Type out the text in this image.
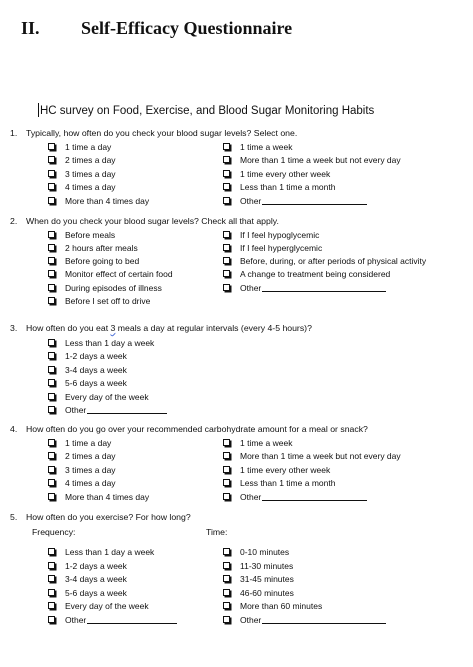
II. Self-Efficacy Questionnaire
HC survey on Food, Exercise, and Blood Sugar Monitoring Habits
1. Typically, how often do you check your blood sugar levels? Select one.
1 time a day
2 times a day
3 times a day
4 times a day
More than 4 times day
1 time a week
More than 1 time a week but not every day
1 time every other week
Less than 1 time a month
Other
2. When do you check your blood sugar levels? Check all that apply.
Before meals
2 hours after meals
Before going to bed
Monitor effect of certain food
During episodes of illness
Before I set off to drive
If I feel hypoglycemic
If I feel hyperglycemic
Before, during, or after periods of physical activity
A change to treatment being considered
Other
3. How often do you eat 3 meals a day at regular intervals (every 4-5 hours)?
Less than 1 day a week
1-2 days a week
3-4 days a week
5-6 days a week
Every day of the week
Other
4. How often do you go over your recommended carbohydrate amount for a meal or snack?
1 time a day
2 times a day
3 times a day
4 times a day
More than 4 times day
1 time a week
More than 1 time a week but not every day
1 time every other week
Less than 1 time a month
Other
5. How often do you exercise? For how long?
Frequency:	Time:
Less than 1 day a week
1-2 days a week
3-4 days a week
5-6 days a week
Every day of the week
Other
0-10 minutes
11-30 minutes
31-45 minutes
46-60 minutes
More than 60 minutes
Other
